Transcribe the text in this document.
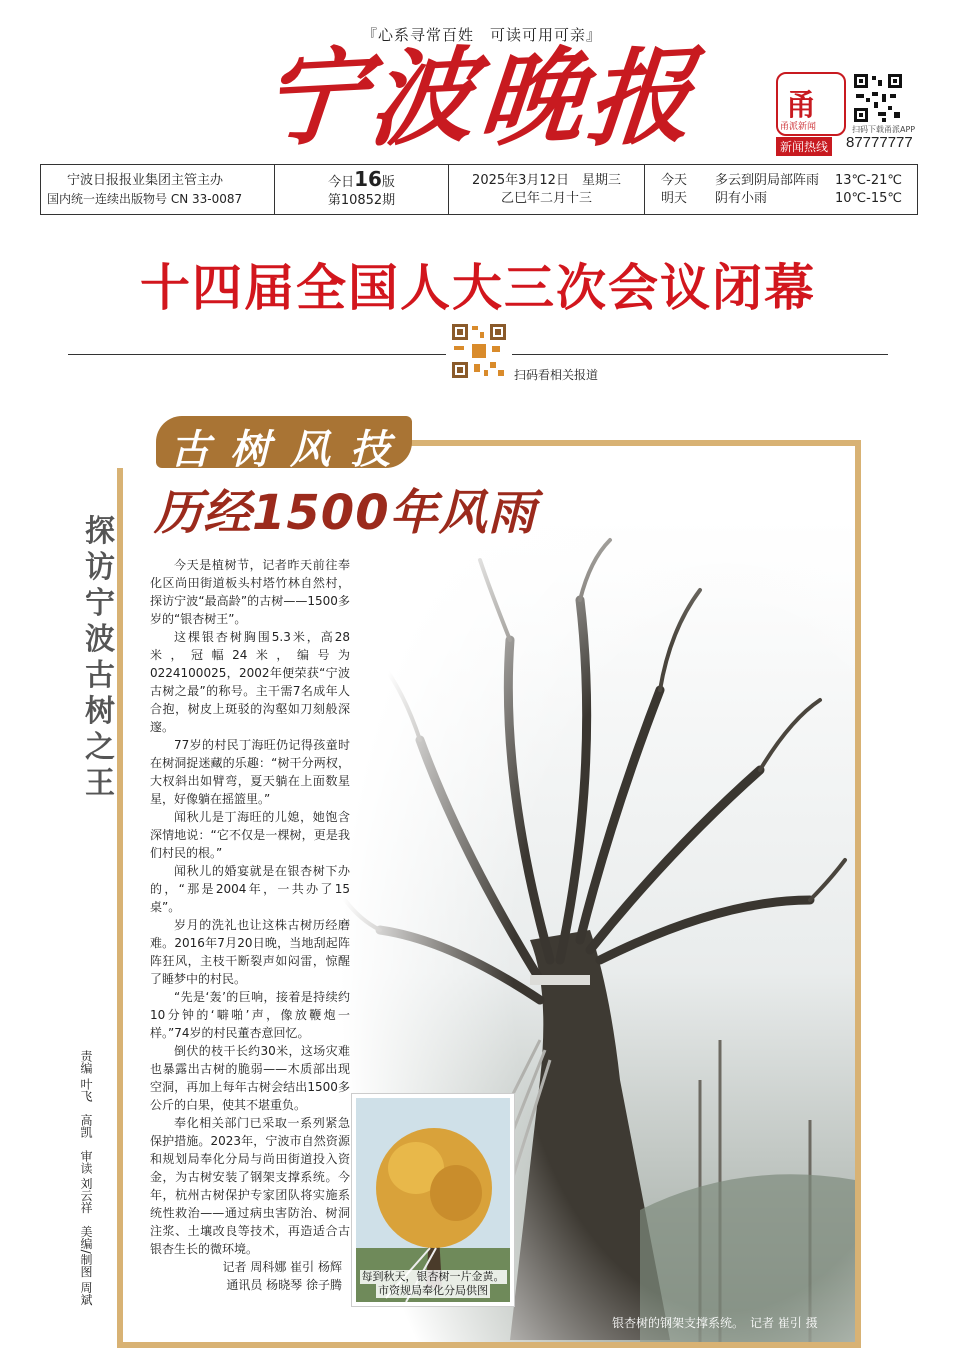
『心系寻常百姓　可读可用可亲』
宁
波
晚
报	甬
甬派新闻	扫码下载甬派APP
新闻热线 87777777
宁波日报报业集团主管主办
国内统一连续出版物号 CN 33-0087
今日16版
第10852期
2025年3月12日　星期三
乙巳年二月十三
今天	多云到阴局部阵雨	13℃-21℃
明天	阴有小雨	10℃-15℃
十四届全国人大三次会议闭幕
扫码看相关报道
古 树 风 技
历经1500年风雨
探
访
宁
波
古
树
之
王

今天是植树节，记者昨天前往奉化区尚田街道板头村塔竹林自然村，探访宁波“最高龄”的古树——1500多岁的“银杏树王”。

这棵银杏树胸围5.3米，高28米，冠幅24米，编号为0224100025，2002年便荣获“宁波古树之最”的称号。主干需7名成年人合抱，树皮上斑驳的沟壑如刀刻般深邃。

77岁的村民丁海旺仍记得孩童时在树洞捉迷藏的乐趣：“树干分两杈，大杈斜出如臂弯，夏天躺在上面数星星，好像躺在摇篮里。”

闻秋儿是丁海旺的儿媳，她饱含深情地说：“它不仅是一棵树，更是我们村民的根。”

闻秋儿的婚宴就是在银杏树下办的，“那是2004年，一共办了15桌”。

岁月的洗礼也让这株古树历经磨难。2016年7月20日晚，当地刮起阵阵狂风，主枝干断裂声如闷雷，惊醒了睡梦中的村民。

“先是‘轰’的巨响，接着是持续约10分钟的‘噼啪’声，像放鞭炮一样。”74岁的村民董杏意回忆。

倒伏的枝干长约30米，这场灾难也暴露出古树的脆弱——木质部出现空洞，再加上每年古树会结出1500多公斤的白果，使其不堪重负。

奉化相关部门已采取一系列紧急保护措施。2023年，宁波市自然资源和规划局奉化分局与尚田街道投入资金，为古树安装了钢架支撑系统。今年，杭州古树保护专家团队将实施系统性救治——通过病虫害防治、树洞注浆、土壤改良等技术，再造适合古银杏生长的微环境。

记者 周科娜 崔引 杨辉

通讯员 杨晓琴 徐子腾

每到秋天，银杏树一片金黄。
市资规局奉化分局供图
银杏树的钢架支撑系统。　记者 崔引 摄
责编 叶飞　高凯　审读 刘云祥　美编/制图 周斌
